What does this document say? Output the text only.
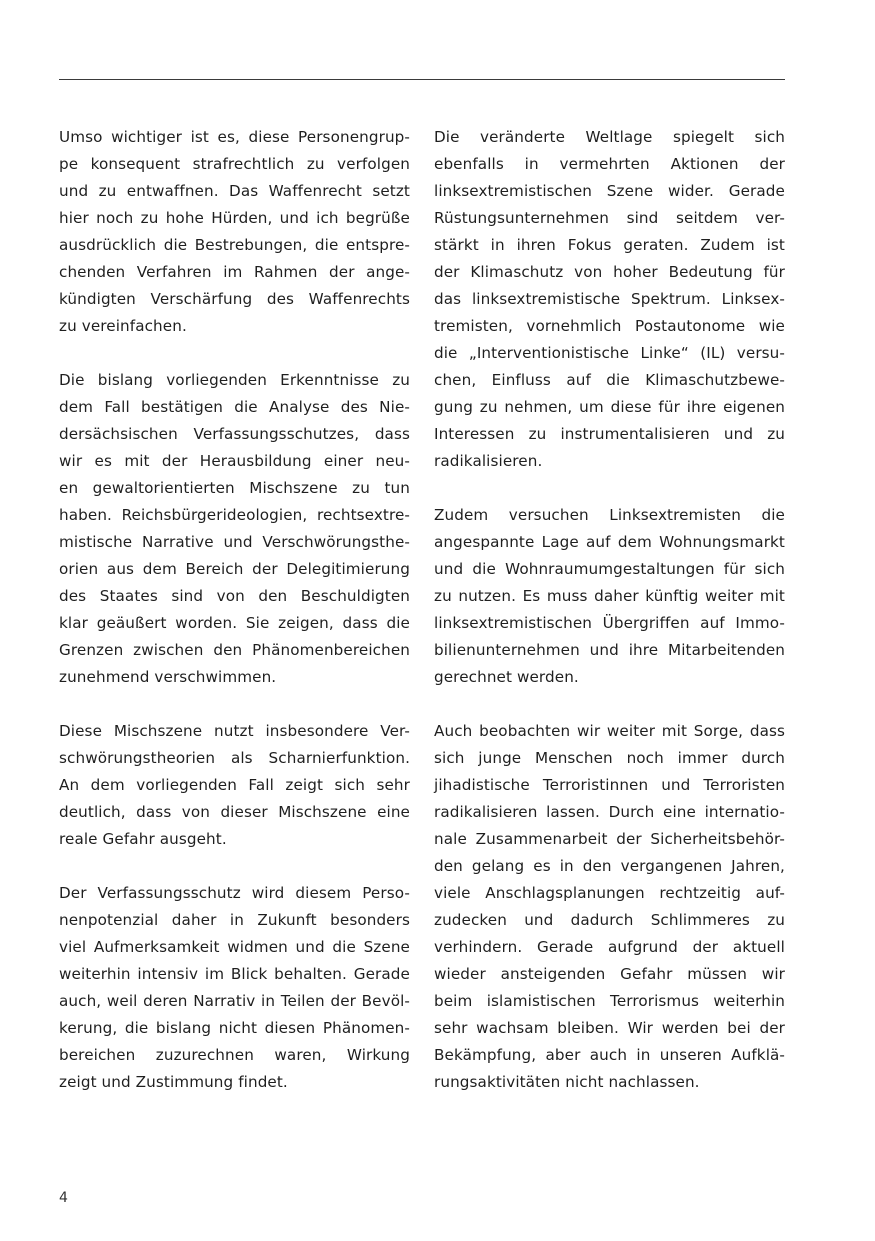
Umso wichtiger ist es, diese Personengrup-
pe konsequent strafrechtlich zu verfolgen
und zu entwaffnen. Das Waffenrecht setzt
hier noch zu hohe Hürden, und ich begrüße
ausdrücklich die Bestrebungen, die entspre-
chenden Verfahren im Rahmen der ange-
kündigten Verschärfung des Waffenrechts
zu vereinfachen.

Die bislang vorliegenden Erkenntnisse zu
dem Fall bestätigen die Analyse des Nie-
dersächsischen Verfassungsschutzes, dass
wir es mit der Herausbildung einer neu-
en gewaltorientierten Mischszene zu tun
haben. Reichsbürgerideologien, rechtsextre-
mistische Narrative und Verschwörungsthe-
orien aus dem Bereich der Delegitimierung
des Staates sind von den Beschuldigten
klar geäußert worden. Sie zeigen, dass die
Grenzen zwischen den Phänomenbereichen
zunehmend verschwimmen.

Diese Mischszene nutzt insbesondere Ver-
schwörungstheorien als Scharnierfunktion.
An dem vorliegenden Fall zeigt sich sehr
deutlich, dass von dieser Mischszene eine
reale Gefahr ausgeht.

Der Verfassungsschutz wird diesem Perso-
nenpotenzial daher in Zukunft besonders
viel Aufmerksamkeit widmen und die Szene
weiterhin intensiv im Blick behalten. Gerade
auch, weil deren Narrativ in Teilen der Bevöl-
kerung, die bislang nicht diesen Phänomen-
bereichen zuzurechnen waren, Wirkung
zeigt und Zustimmung findet.

Die veränderte Weltlage spiegelt sich
ebenfalls in vermehrten Aktionen der
linksextremistischen Szene wider. Gerade
Rüstungsunternehmen sind seitdem ver-
stärkt in ihren Fokus geraten. Zudem ist
der Klimaschutz von hoher Bedeutung für
das linksextremistische Spektrum. Linksex-
tremisten, vornehmlich Postautonome wie
die „Interventionistische Linke“ (IL) versu-
chen, Einfluss auf die Klimaschutzbewe-
gung zu nehmen, um diese für ihre eigenen
Interessen zu instrumentalisieren und zu
radikalisieren.

Zudem versuchen Linksextremisten die
angespannte Lage auf dem Wohnungsmarkt
und die Wohnraumumgestaltungen für sich
zu nutzen. Es muss daher künftig weiter mit
linksextremistischen Übergriffen auf Immo-
bilienunternehmen und ihre Mitarbeitenden
gerechnet werden.

Auch beobachten wir weiter mit Sorge, dass
sich junge Menschen noch immer durch
jihadistische Terroristinnen und Terroristen
radikalisieren lassen. Durch eine internatio-
nale Zusammenarbeit der Sicherheitsbehör-
den gelang es in den vergangenen Jahren,
viele Anschlagsplanungen rechtzeitig auf-
zudecken und dadurch Schlimmeres zu
verhindern. Gerade aufgrund der aktuell
wieder ansteigenden Gefahr müssen wir
beim islamistischen Terrorismus weiterhin
sehr wachsam bleiben. Wir werden bei der
Bekämpfung, aber auch in unseren Aufklä-
rungsaktivitäten nicht nachlassen.

4
